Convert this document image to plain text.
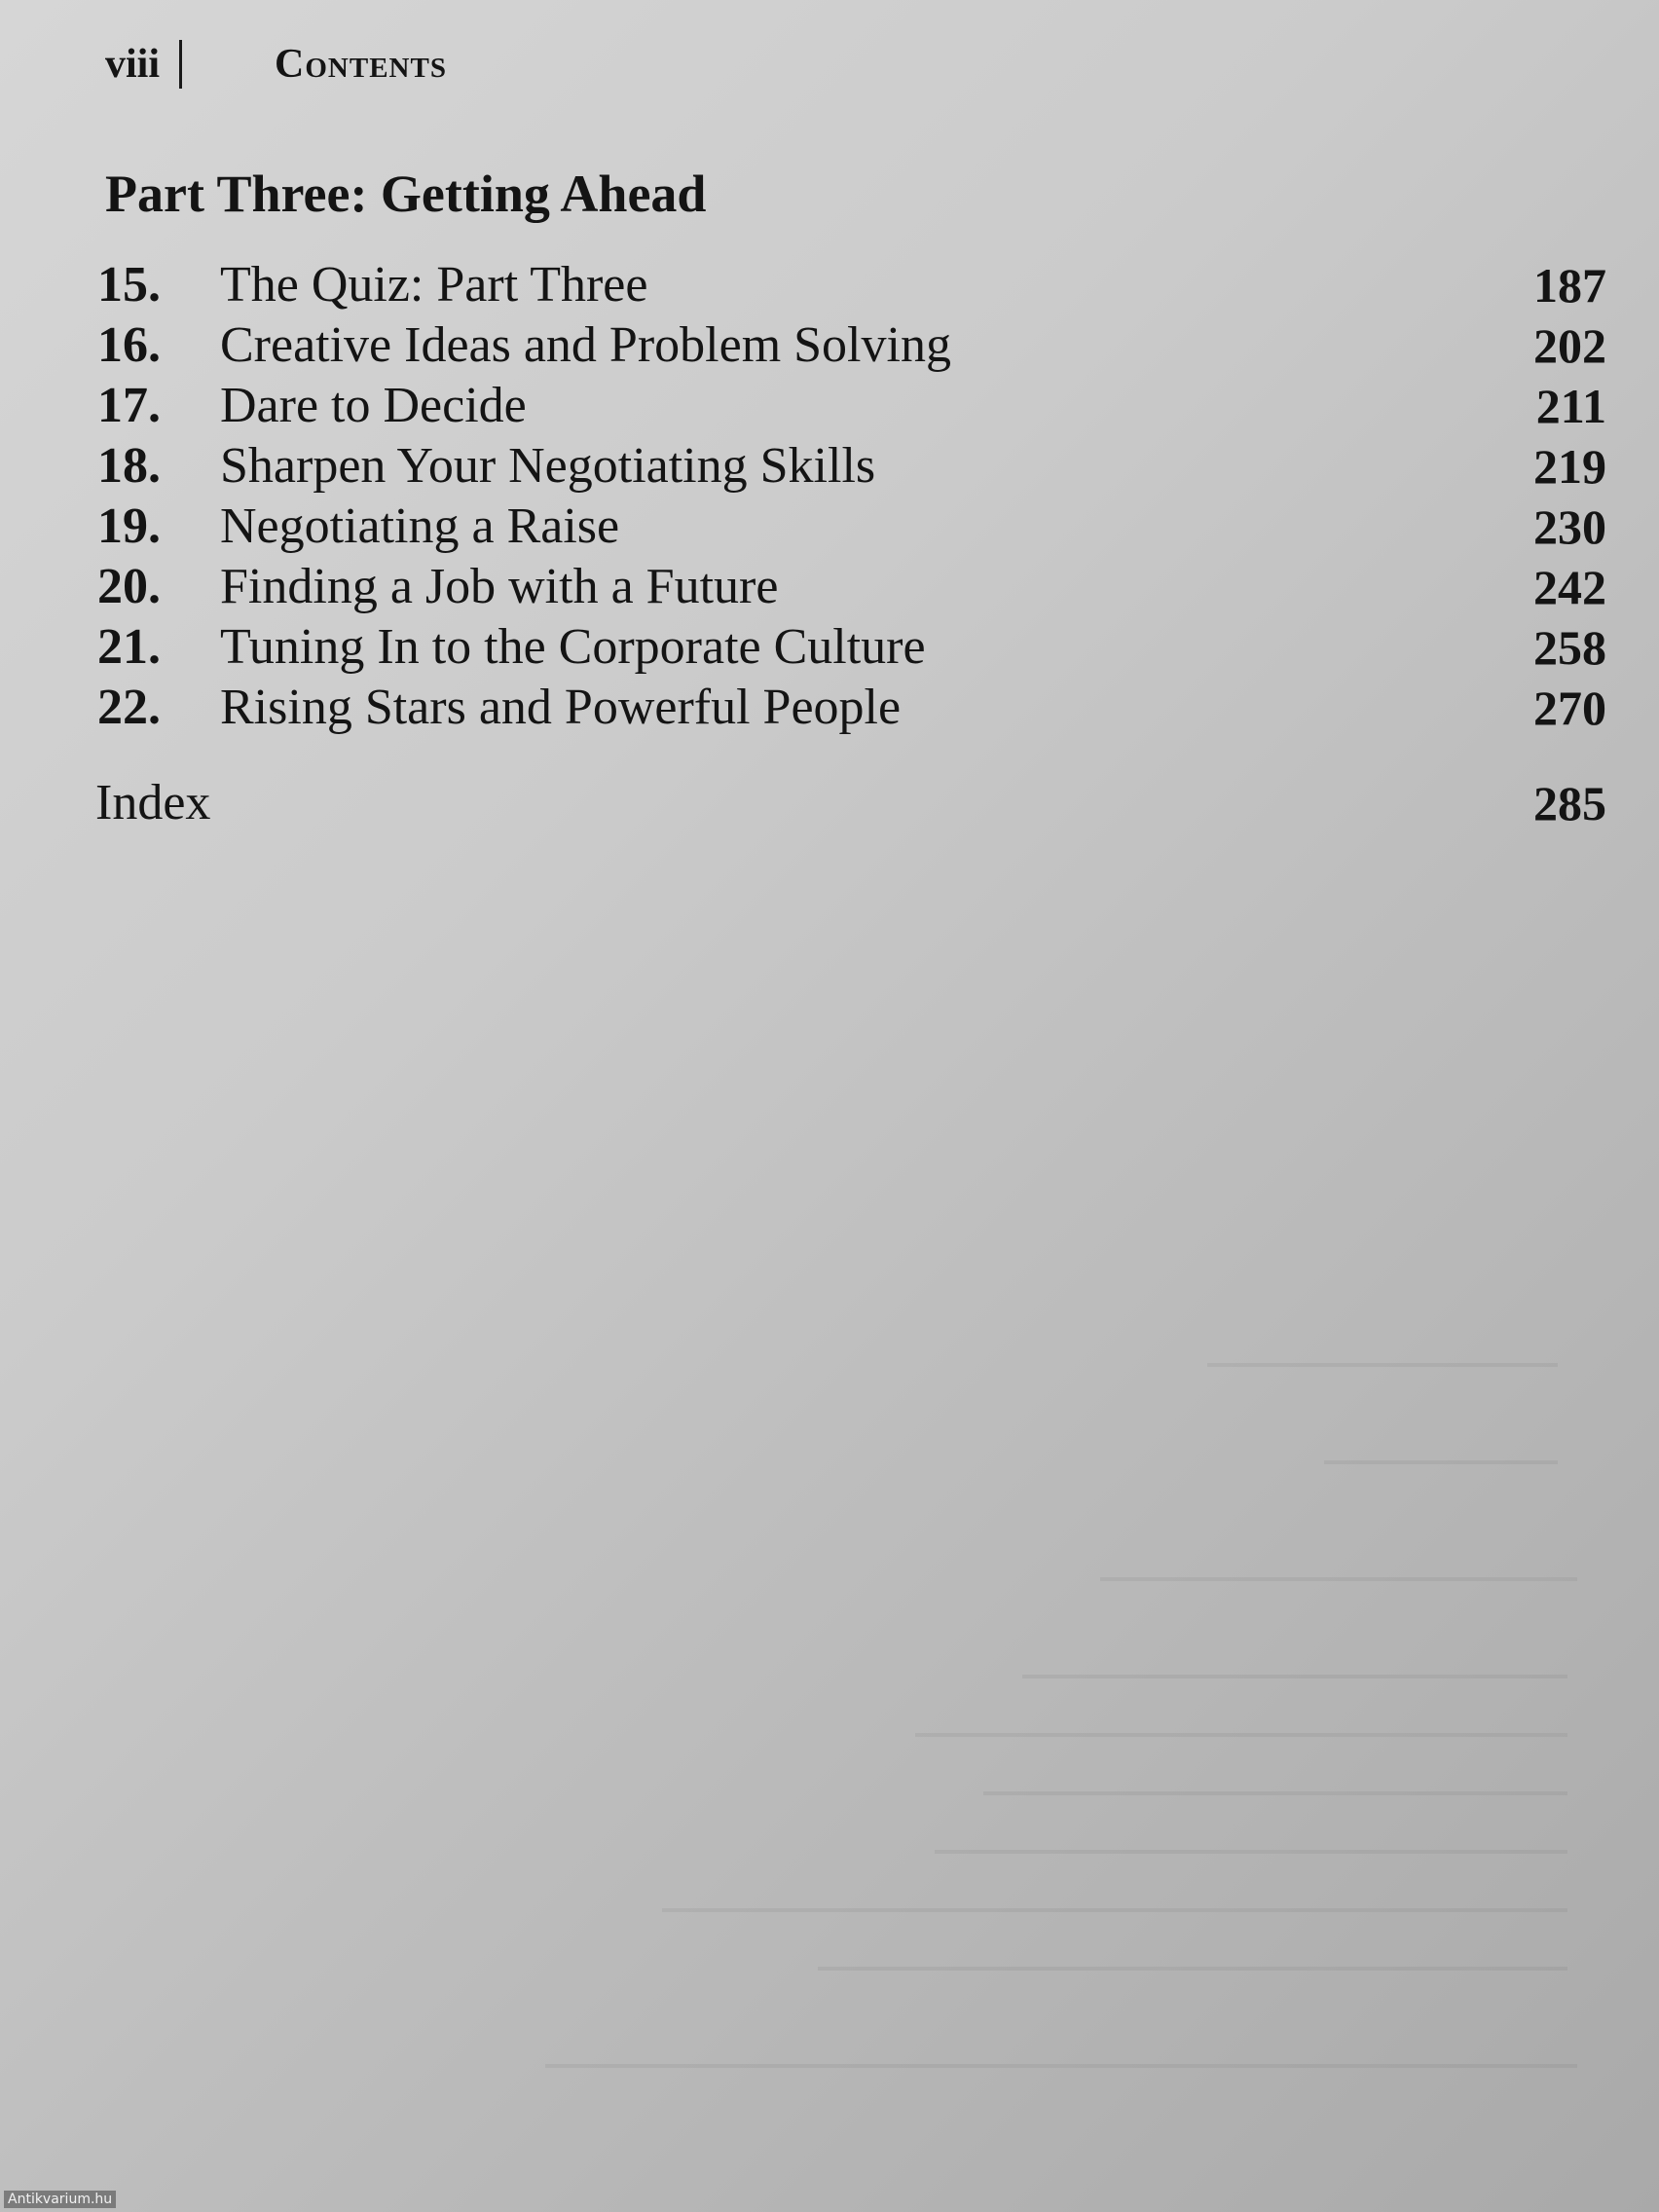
viii	Contents
Part Three: Getting Ahead
15.	The Quiz: Part Three	187
16.	Creative Ideas and Problem Solving	202
17.	Dare to Decide	211
18.	Sharpen Your Negotiating Skills	219
19.	Negotiating a Raise	230
20.	Finding a Job with a Future	242
21.	Tuning In to the Corporate Culture	258
22.	Rising Stars and Powerful People	270
Index	285
Antikvarium.hu
